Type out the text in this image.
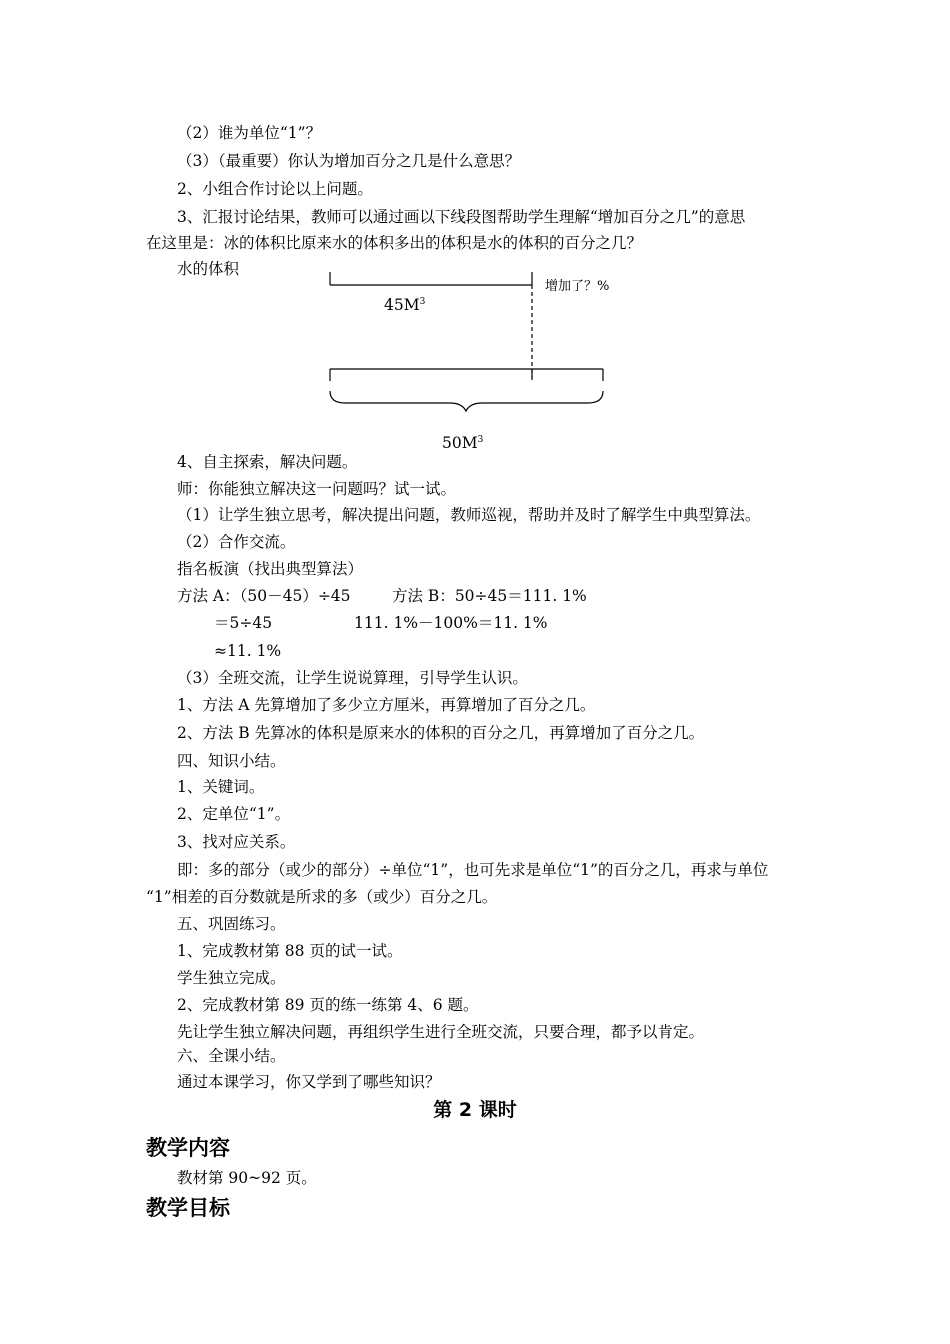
（2）谁为单位“1”？
（3）（最重要）你认为增加百分之几是什么意思？
2、小组合作讨论以上问题。
3、汇报讨论结果，教师可以通过画以下线段图帮助学生理解“增加百分之几”的意思
在这里是：冰的体积比原来水的体积多出的体积是水的体积的百分之几？
水的体积
$45M^3$
增加了？%
$50M^3$
4、自主探索，解决问题。
师：你能独立解决这一问题吗？试一试。
（1）让学生独立思考，解决提出问题，教师巡视，帮助并及时了解学生中典型算法。
（2）合作交流。
指名板演（找出典型算法）
方法 A：（50－45）÷45	方法 B：50÷45＝111. 1%
＝5÷45	111. 1%－100%＝11. 1%
≈11. 1%
（3）全班交流，让学生说说算理，引导学生认识。
1、方法 A 先算增加了多少立方厘米，再算增加了百分之几。
2、方法 B 先算冰的体积是原来水的体积的百分之几，再算增加了百分之几。
四、知识小结。
1、关键词。
2、定单位“1”。
3、找对应关系。
即：多的部分（或少的部分）÷单位“1”，也可先求是单位“1”的百分之几，再求与单位
“1”相差的百分数就是所求的多（或少）百分之几。
五、巩固练习。
1、完成教材第 88 页的试一试。
学生独立完成。
2、完成教材第 89 页的练一练第 4、6 题。
先让学生独立解决问题，再组织学生进行全班交流，只要合理，都予以肯定。
六、全课小结。
通过本课学习，你又学到了哪些知识？
第 2 课时
教学内容
教材第 90~92 页。
教学目标
